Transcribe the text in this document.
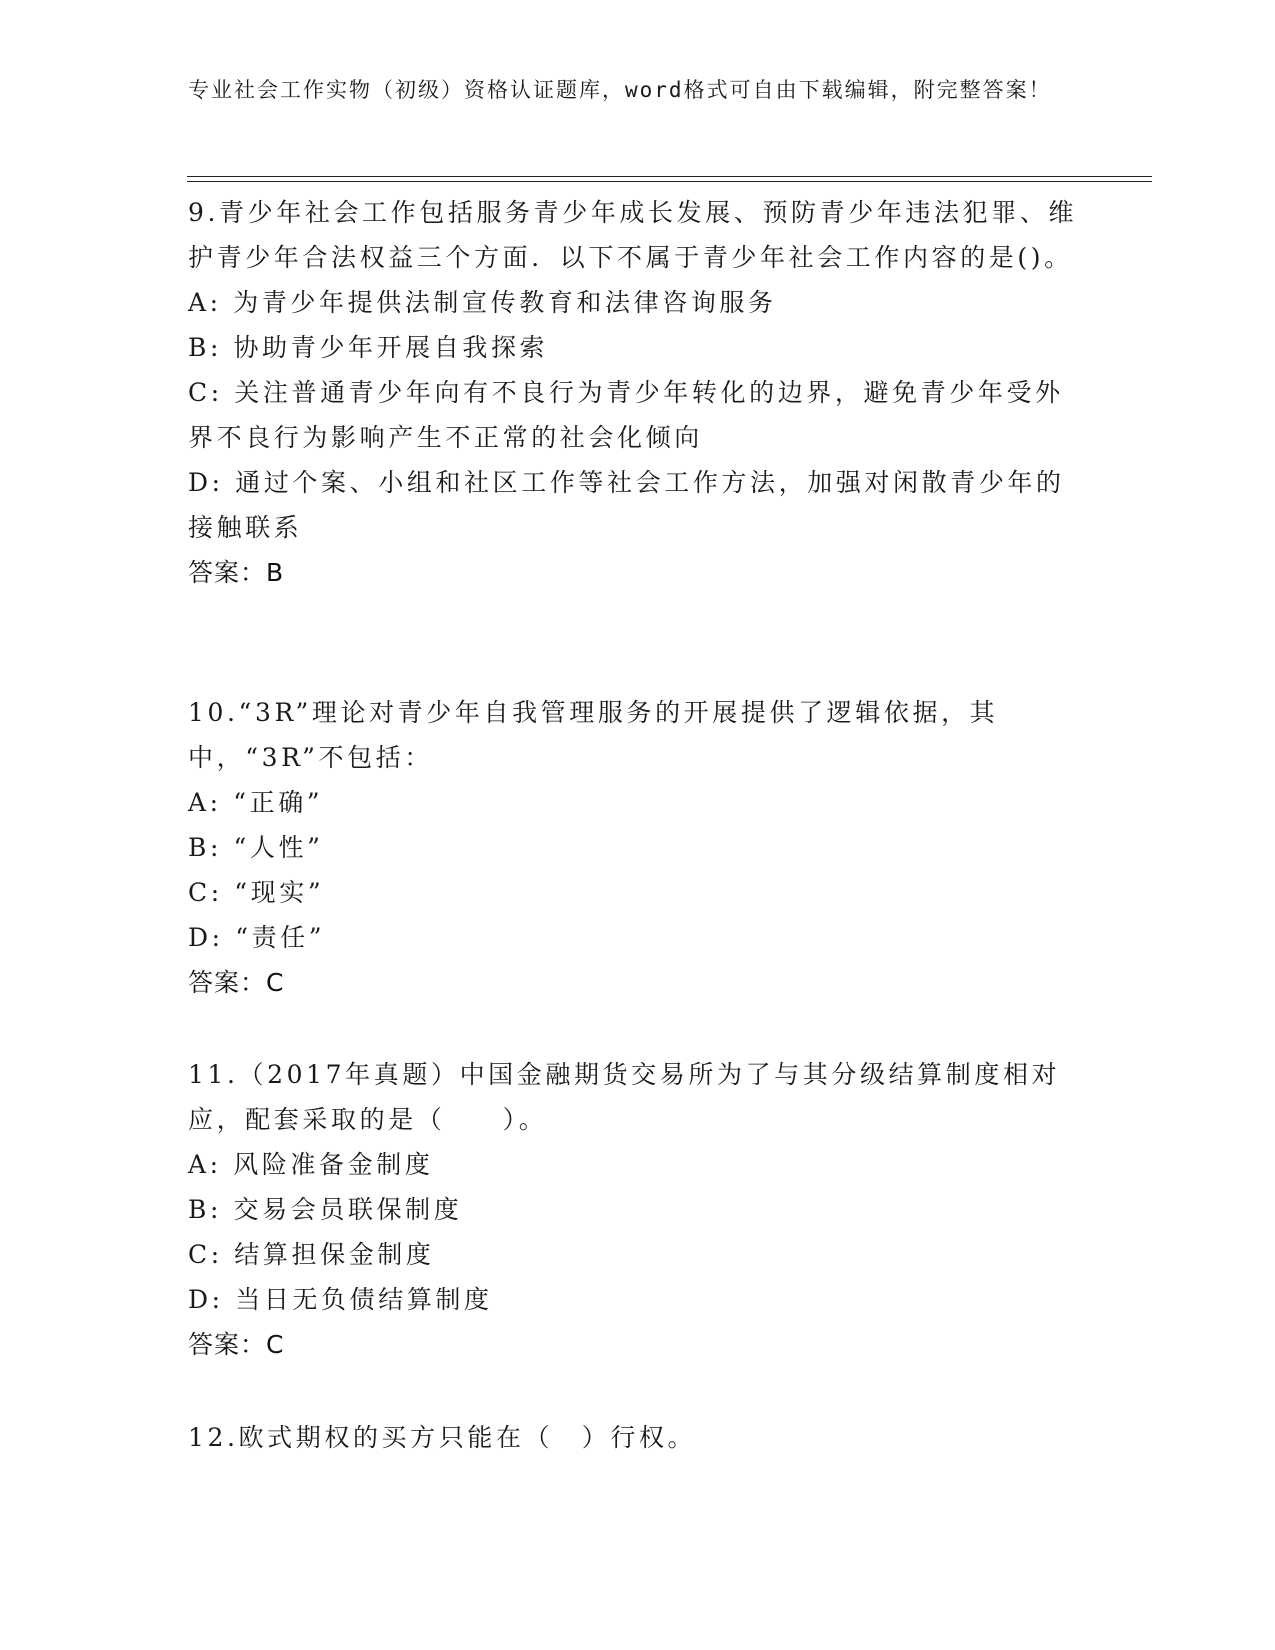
专业社会工作实物（初级）资格认证题库，word格式可自由下载编辑，附完整答案！
9.青少年社会工作包括服务青少年成长发展、预防青少年违法犯罪、维护青少年合法权益三个方面．以下不属于青少年社会工作内容的是()。
A: 为青少年提供法制宣传教育和法律咨询服务
B: 协助青少年开展自我探索
C: 关注普通青少年向有不良行为青少年转化的边界，避免青少年受外界不良行为影响产生不正常的社会化倾向
D: 通过个案、小组和社区工作等社会工作方法，加强对闲散青少年的接触联系
答案：B
10.“3R”理论对青少年自我管理服务的开展提供了逻辑依据，其中，“3R”不包括：
A: “正确”
B: “人性”
C: “现实”
D: “责任”
答案：C
11.（2017年真题）中国金融期货交易所为了与其分级结算制度相对应，配套采取的是（　　）。
A: 风险准备金制度
B: 交易会员联保制度
C: 结算担保金制度
D: 当日无负债结算制度
答案：C
12.欧式期权的买方只能在（　）行权。
